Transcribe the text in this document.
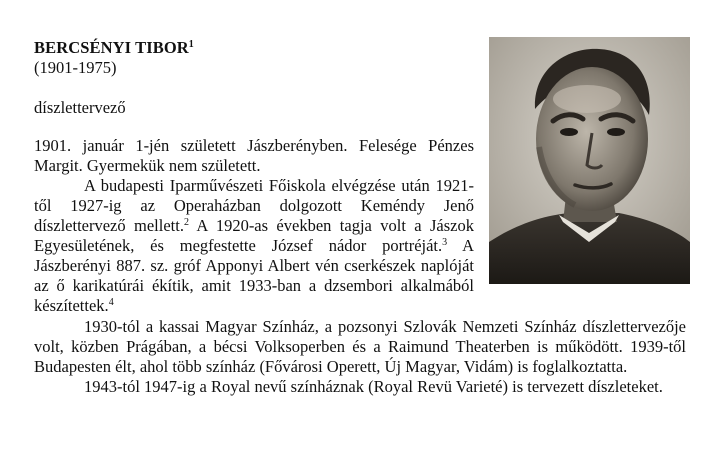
BERCSÉNYI TIBOR$^1$
(1901-1975)
díszlettervező

1901. január 1-jén született Jászberényben. Felesége Pénzes Margit. Gyermekük nem született.

A budapesti Iparművészeti Főiskola elvégzése után 1921-től 1927-ig az Operaházban dolgozott Keméndy Jenő díszlettervező mellett.$^2$ A 1920-as években tagja volt a Jászok Egyesületének, és megfestette József nádor portréját.$^3$ A Jászberényi 887. sz. gróf Apponyi Albert vén cserkészek naplóját az ő karikatúrái ékítik, amit 1933-ban a dzsembori alkalmából készítettek.$^4$

1930-tól a kassai Magyar Színház, a pozsonyi Szlovák Nemzeti Színház díszlettervezője volt, közben Prágában, a bécsi Volksoperben és a Raimund Theaterben is működött. 1939-től Budapesten élt, ahol több színház (Fővárosi Operett, Új Magyar, Vidám) is foglalkoztatta.

1943-tól 1947-ig a Royal nevű színháznak (Royal Revü Varieté) is tervezett díszleteket.
